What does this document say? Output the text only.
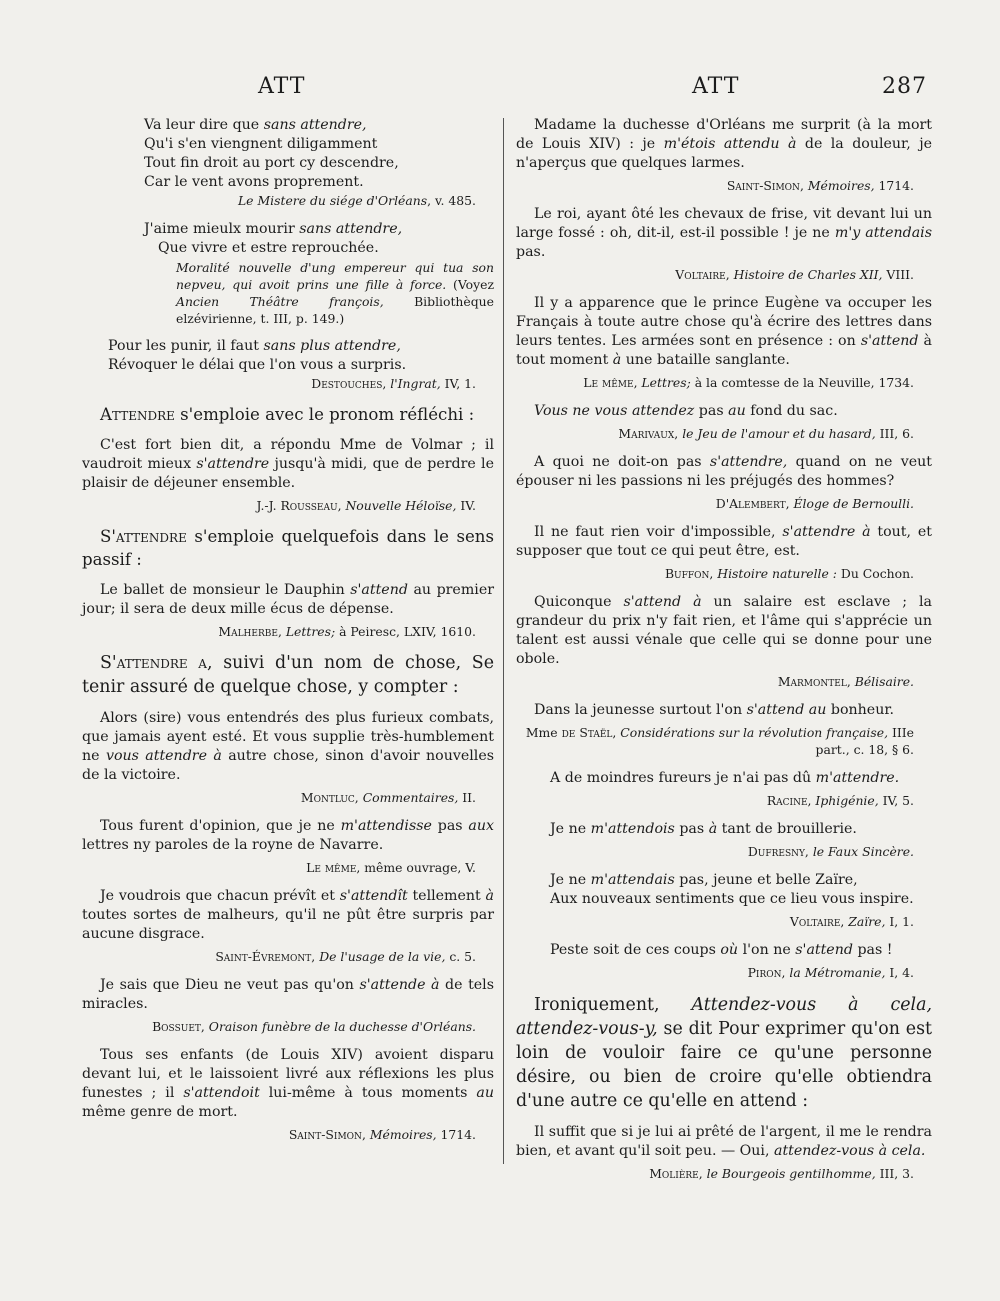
ATT	ATT	287
Va leur dire que sans attendre,
Qu'i s'en viengnent diligamment
Tout fin droit au port cy descendre,
Car le vent avons proprement.

Le Mistere du siége d'Orléans, v. 485.

J'aime mieulx mourir sans attendre,
Que vivre et estre reprouchée.

Moralité nouvelle d'ung empereur qui tua son nepveu, qui avoit prins une fille à force. (Voyez Ancien Théâtre françois, Bibliothèque elzévirienne, t. III, p. 149.)

Pour les punir, il faut sans plus attendre,
Révoquer le délai que l'on vous a surpris.

Destouches, l'Ingrat, IV, 1.

Attendre s'emploie avec le pronom réfléchi :

C'est fort bien dit, a répondu Mme de Volmar ; il vaudroit mieux s'attendre jusqu'à midi, que de perdre le plaisir de déjeuner ensemble.

J.-J. Rousseau, Nouvelle Héloïse, IV.

S'attendre s'emploie quelquefois dans le sens passif :

Le ballet de monsieur le Dauphin s'attend au premier jour; il sera de deux mille écus de dépense.

Malherbe, Lettres; à Peiresc, LXIV, 1610.

S'attendre a, suivi d'un nom de chose, Se tenir assuré de quelque chose, y compter :

Alors (sire) vous entendrés des plus furieux combats, que jamais ayent esté. Et vous supplie très-humblement ne vous attendre à autre chose, sinon d'avoir nouvelles de la victoire.

Montluc, Commentaires, II.

Tous furent d'opinion, que je ne m'attendisse pas aux lettres ny paroles de la royne de Navarre.

Le même, même ouvrage, V.

Je voudrois que chacun prévît et s'attendît tellement à toutes sortes de malheurs, qu'il ne pût être surpris par aucune disgrace.

Saint-Évremont, De l'usage de la vie, c. 5.

Je sais que Dieu ne veut pas qu'on s'attende à de tels miracles.

Bossuet, Oraison funèbre de la duchesse d'Orléans.

Tous ses enfants (de Louis XIV) avoient disparu devant lui, et le laissoient livré aux réflexions les plus funestes ; il s'attendoit lui-même à tous moments au même genre de mort.

Saint-Simon, Mémoires, 1714.

Madame la duchesse d'Orléans me surprit (à la mort de Louis XIV) : je m'étois attendu à de la douleur, je n'aperçus que quelques larmes.

Saint-Simon, Mémoires, 1714.

Le roi, ayant ôté les chevaux de frise, vit devant lui un large fossé : oh, dit-il, est-il possible ! je ne m'y attendais pas.

Voltaire, Histoire de Charles XII, VIII.

Il y a apparence que le prince Eugène va occuper les Français à toute autre chose qu'à écrire des lettres dans leurs tentes. Les armées sont en présence : on s'attend à tout moment à une bataille sanglante.

Le même, Lettres; à la comtesse de la Neuville, 1734.

Vous ne vous attendez pas au fond du sac.

Marivaux, le Jeu de l'amour et du hasard, III, 6.

A quoi ne doit-on pas s'attendre, quand on ne veut épouser ni les passions ni les préjugés des hommes?

D'Alembert, Éloge de Bernoulli.

Il ne faut rien voir d'impossible, s'attendre à tout, et supposer que tout ce qui peut être, est.

Buffon, Histoire naturelle : Du Cochon.

Quiconque s'attend à un salaire est esclave ; la grandeur du prix n'y fait rien, et l'âme qui s'apprécie un talent est aussi vénale que celle qui se donne pour une obole.

Marmontel, Bélisaire.

Dans la jeunesse surtout l'on s'attend au bonheur.

Mme de Staël, Considérations sur la révolution française, IIIe part., c. 18, § 6.

A de moindres fureurs je n'ai pas dû m'attendre.

Racine, Iphigénie, IV, 5.

Je ne m'attendois pas à tant de brouillerie.

Dufresny, le Faux Sincère.

Je ne m'attendais pas, jeune et belle Zaïre,
Aux nouveaux sentiments que ce lieu vous inspire.

Voltaire, Zaïre, I, 1.

Peste soit de ces coups où l'on ne s'attend pas !

Piron, la Métromanie, I, 4.

Ironiquement, Attendez-vous à cela, attendez-vous-y, se dit Pour exprimer qu'on est loin de vouloir faire ce qu'une personne désire, ou bien de croire qu'elle obtiendra d'une autre ce qu'elle en attend :

Il suffit que si je lui ai prêté de l'argent, il me le rendra bien, et avant qu'il soit peu. — Oui, attendez-vous à cela.

Molière, le Bourgeois gentilhomme, III, 3.
